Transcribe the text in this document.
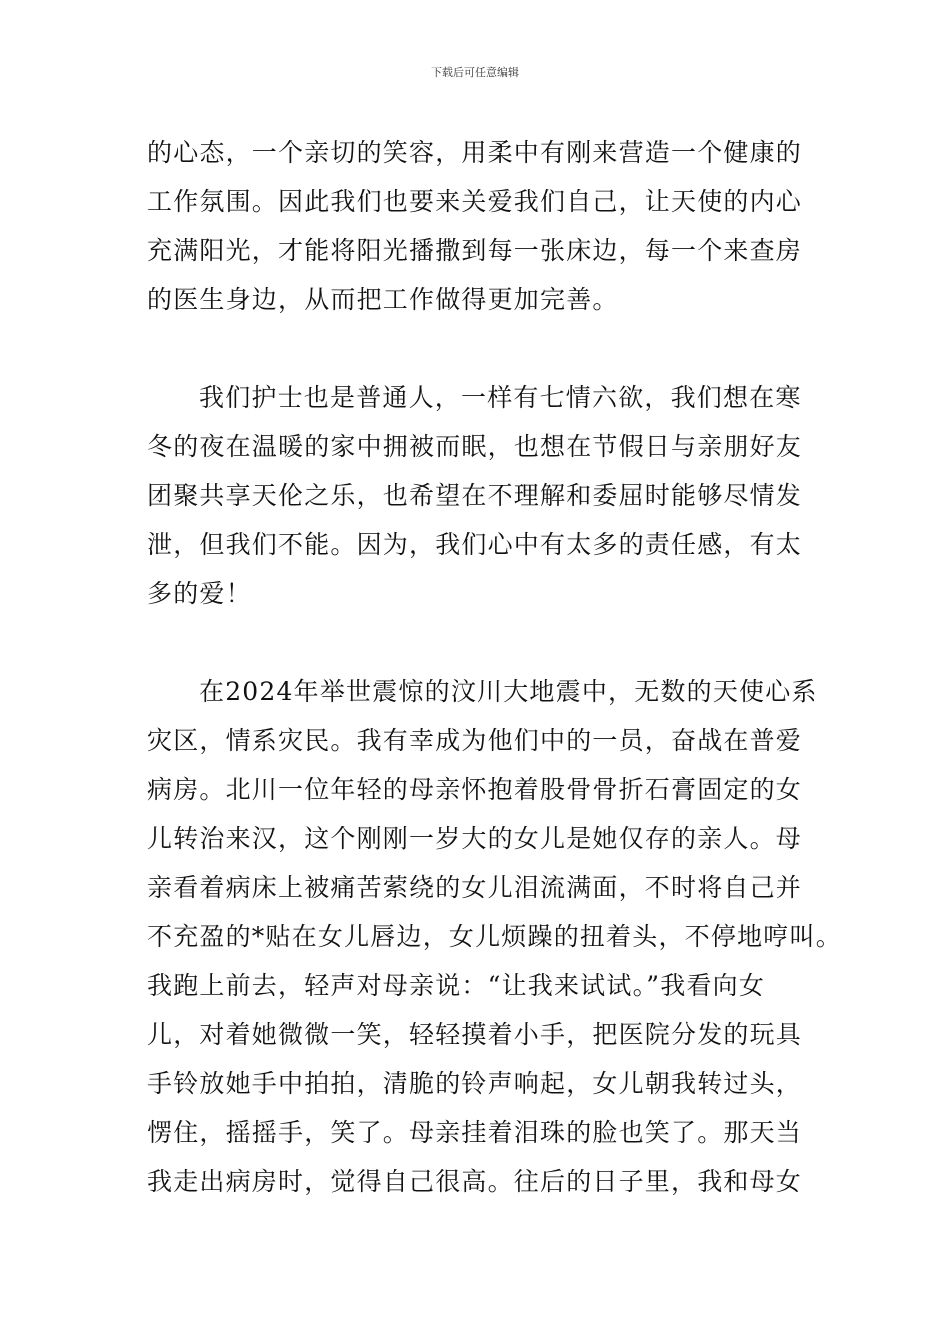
下载后可任意编辑
的心态，一个亲切的笑容，用柔中有刚来营造一个健康的
工作氛围。因此我们也要来关爱我们自己，让天使的内心
充满阳光，才能将阳光播撒到每一张床边，每一个来查房
的医生身边，从而把工作做得更加完善。
我们护士也是普通人，一样有七情六欲，我们想在寒
冬的夜在温暖的家中拥被而眠，也想在节假日与亲朋好友
团聚共享天伦之乐，也希望在不理解和委屈时能够尽情发
泄，但我们不能。因为，我们心中有太多的责任感，有太
多的爱！
在2024年举世震惊的汶川大地震中，无数的天使心系
灾区，情系灾民。我有幸成为他们中的一员，奋战在普爱
病房。北川一位年轻的母亲怀抱着股骨骨折石膏固定的女
儿转治来汉，这个刚刚一岁大的女儿是她仅存的亲人。母
亲看着病床上被痛苦萦绕的女儿泪流满面，不时将自己并
不充盈的*贴在女儿唇边，女儿烦躁的扭着头，不停地哼叫。
我跑上前去，轻声对母亲说：“让我来试试。”我看向女
儿，对着她微微一笑，轻轻摸着小手，把医院分发的玩具
手铃放她手中拍拍，清脆的铃声响起，女儿朝我转过头，
愣住，摇摇手，笑了。母亲挂着泪珠的脸也笑了。那天当
我走出病房时，觉得自己很高。往后的日子里，我和母女
